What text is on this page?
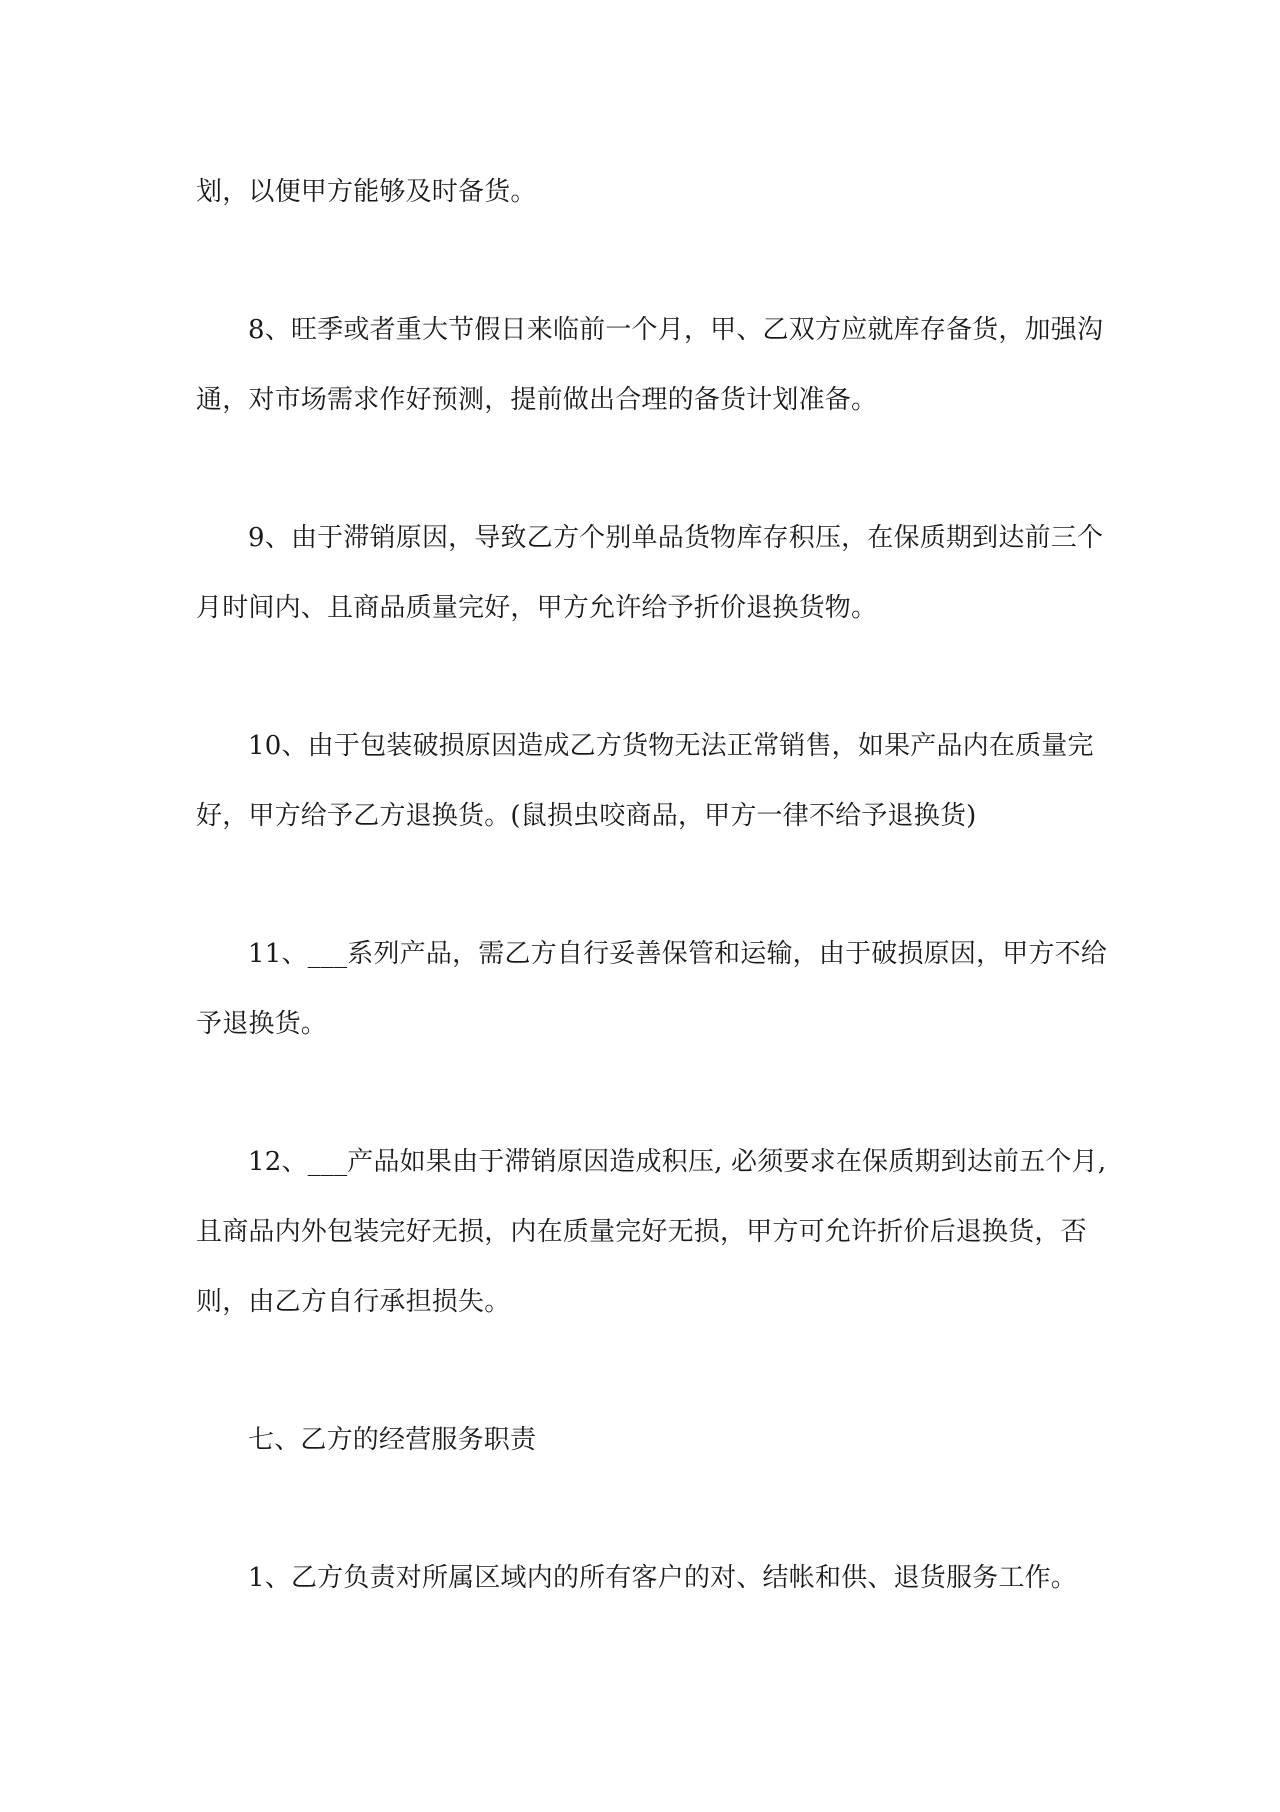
划，以便甲方能够及时备货。
8、旺季或者重大节假日来临前一个月，甲、乙双方应就库存备货，加强沟
通，对市场需求作好预测，提前做出合理的备货计划准备。
9、由于滞销原因，导致乙方个别单品货物库存积压，在保质期到达前三个
月时间内、且商品质量完好，甲方允许给予折价退换货物。
10、由于包装破损原因造成乙方货物无法正常销售，如果产品内在质量完
好，甲方给予乙方退换货。(鼠损虫咬商品，甲方一律不给予退换货)
11、___系列产品，需乙方自行妥善保管和运输，由于破损原因，甲方不给
予退换货。
12、___产品如果由于滞销原因造成积压, 必须要求在保质期到达前五个月,
且商品内外包装完好无损，内在质量完好无损，甲方可允许折价后退换货，否
则，由乙方自行承担损失。
七、乙方的经营服务职责
1、乙方负责对所属区域内的所有客户的对、结帐和供、退货服务工作。
